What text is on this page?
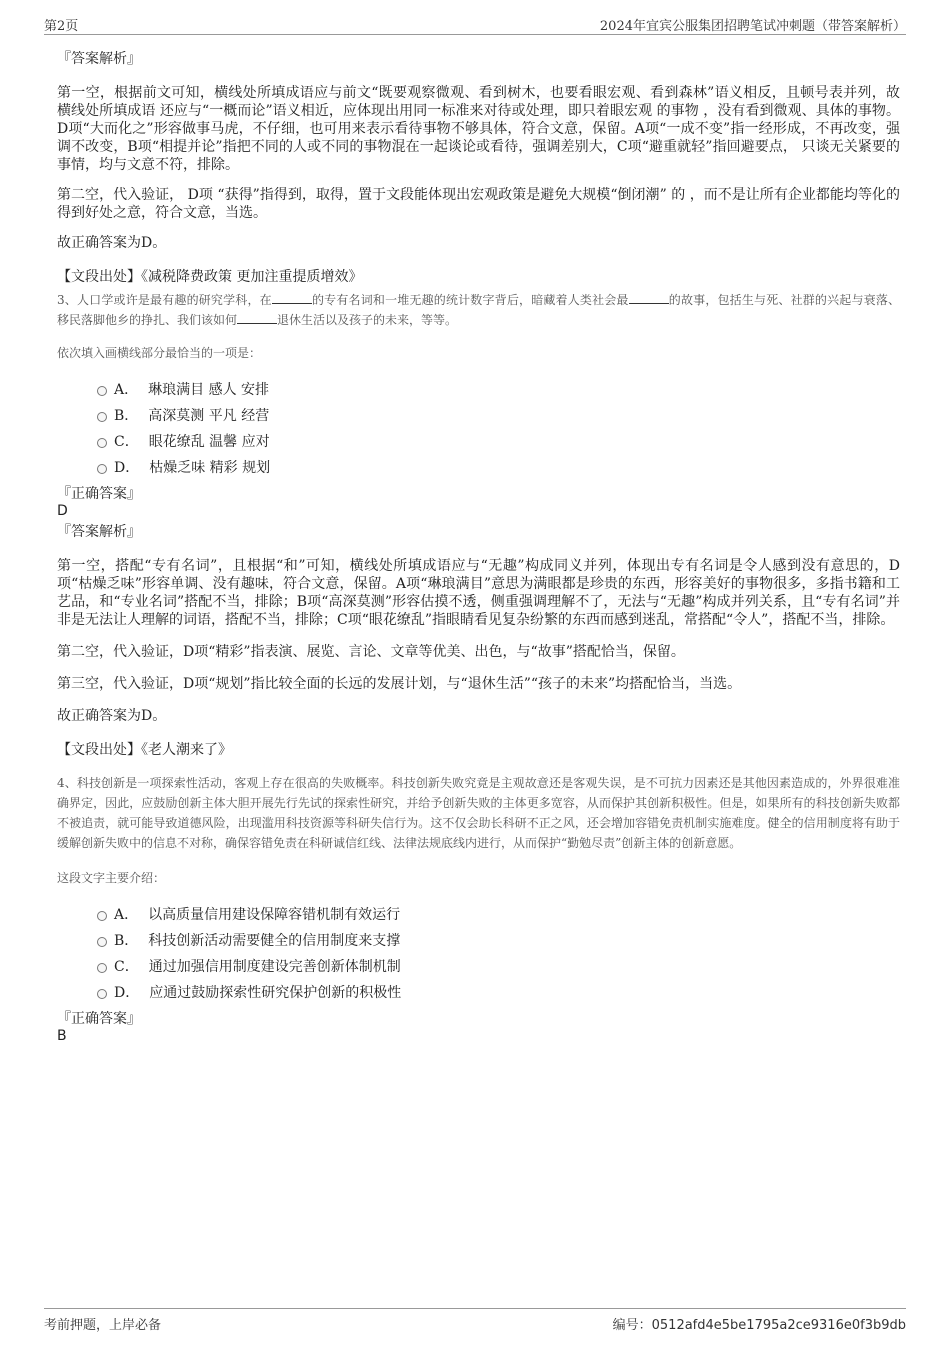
第2页	2024年宜宾公服集团招聘笔试冲刺题（带答案解析）

『答案解析』

第一空，根据前文可知，横线处所填成语应与前文“既要观察微观、看到树木，也要看眼宏观、看到森林”语义相反，且顿号表并列，故 横线处所填成语 还应与“一概而论”语义相近，应体现出用同一标准来对待或处理，即只着眼宏观 的事物 ，没有看到微观、具体的事物。D项“大而化之”形容做事马虎，不仔细，也可用来表示看待事物不够具体，符合文意，保留。A项“一成不变”指一经形成，不再改变，强调不改变，B项“相提并论”指把不同的人或不同的事物混在一起谈论或看待，强调差别大，C项“避重就轻”指回避要点， 只谈无关紧要的事情，均与文意不符，排除。

第二空，代入验证， D项 “获得”指得到，取得，置于文段能体现出宏观政策是避免大规模“倒闭潮” 的 ，而不是让所有企业都能均等化的得到好处之意，符合文意，当选。

故正确答案为D。

【文段出处】《减税降费政策 更加注重提质增效》

3、人口学或许是最有趣的研究学科，在	的专有名词和一堆无趣的统计数字背后，暗藏着人类社会最	的故事，包括生与死、社群的兴起与衰落、移民落脚他乡的挣扎、我们该如何	退休生活以及孩子的未来，等等。

依次填入画横线部分最恰当的一项是：

A． 琳琅满目 感人 安排
B． 高深莫测 平凡 经营
C． 眼花缭乱 温馨 应对
D． 枯燥乏味 精彩 规划

『正确答案』

D

『答案解析』

第一空，搭配“专有名词”，且根据“和”可知，横线处所填成语应与“无趣”构成同义并列，体现出专有名词是令人感到没有意思的，D项“枯燥乏味”形容单调、没有趣味，符合文意，保留。A项“琳琅满目”意思为满眼都是珍贵的东西，形容美好的事物很多，多指书籍和工艺品，和“专业名词”搭配不当，排除；B项“高深莫测”形容估摸不透，侧重强调理解不了，无法与“无趣”构成并列关系，且“专有名词”并非是无法让人理解的词语，搭配不当，排除；C项“眼花缭乱”指眼睛看见复杂纷繁的东西而感到迷乱，常搭配“令人”，搭配不当，排除。

第二空，代入验证，D项“精彩”指表演、展览、言论、文章等优美、出色，与“故事”搭配恰当，保留。

第三空，代入验证，D项“规划”指比较全面的长远的发展计划，与“退休生活”“孩子的未来”均搭配恰当，当选。

故正确答案为D。

【文段出处】《老人潮来了》

4、科技创新是一项探索性活动，客观上存在很高的失败概率。科技创新失败究竟是主观故意还是客观失误，是不可抗力因素还是其他因素造成的，外界很难准确界定，因此，应鼓励创新主体大胆开展先行先试的探索性研究，并给予创新失败的主体更多宽容，从而保护其创新积极性。但是，如果所有的科技创新失败都不被追责，就可能导致道德风险，出现滥用科技资源等科研失信行为。这不仅会助长科研不正之风，还会增加容错免责机制实施难度。健全的信用制度将有助于缓解创新失败中的信息不对称，确保容错免责在科研诚信红线、法律法规底线内进行，从而保护“勤勉尽责”创新主体的创新意愿。

这段文字主要介绍：

A． 以高质量信用建设保障容错机制有效运行
B． 科技创新活动需要健全的信用制度来支撑
C． 通过加强信用制度建设完善创新体制机制
D． 应通过鼓励探索性研究保护创新的积极性

『正确答案』

B

考前押题，上岸必备	编号：0512afd4e5be1795a2ce9316e0f3b9db
